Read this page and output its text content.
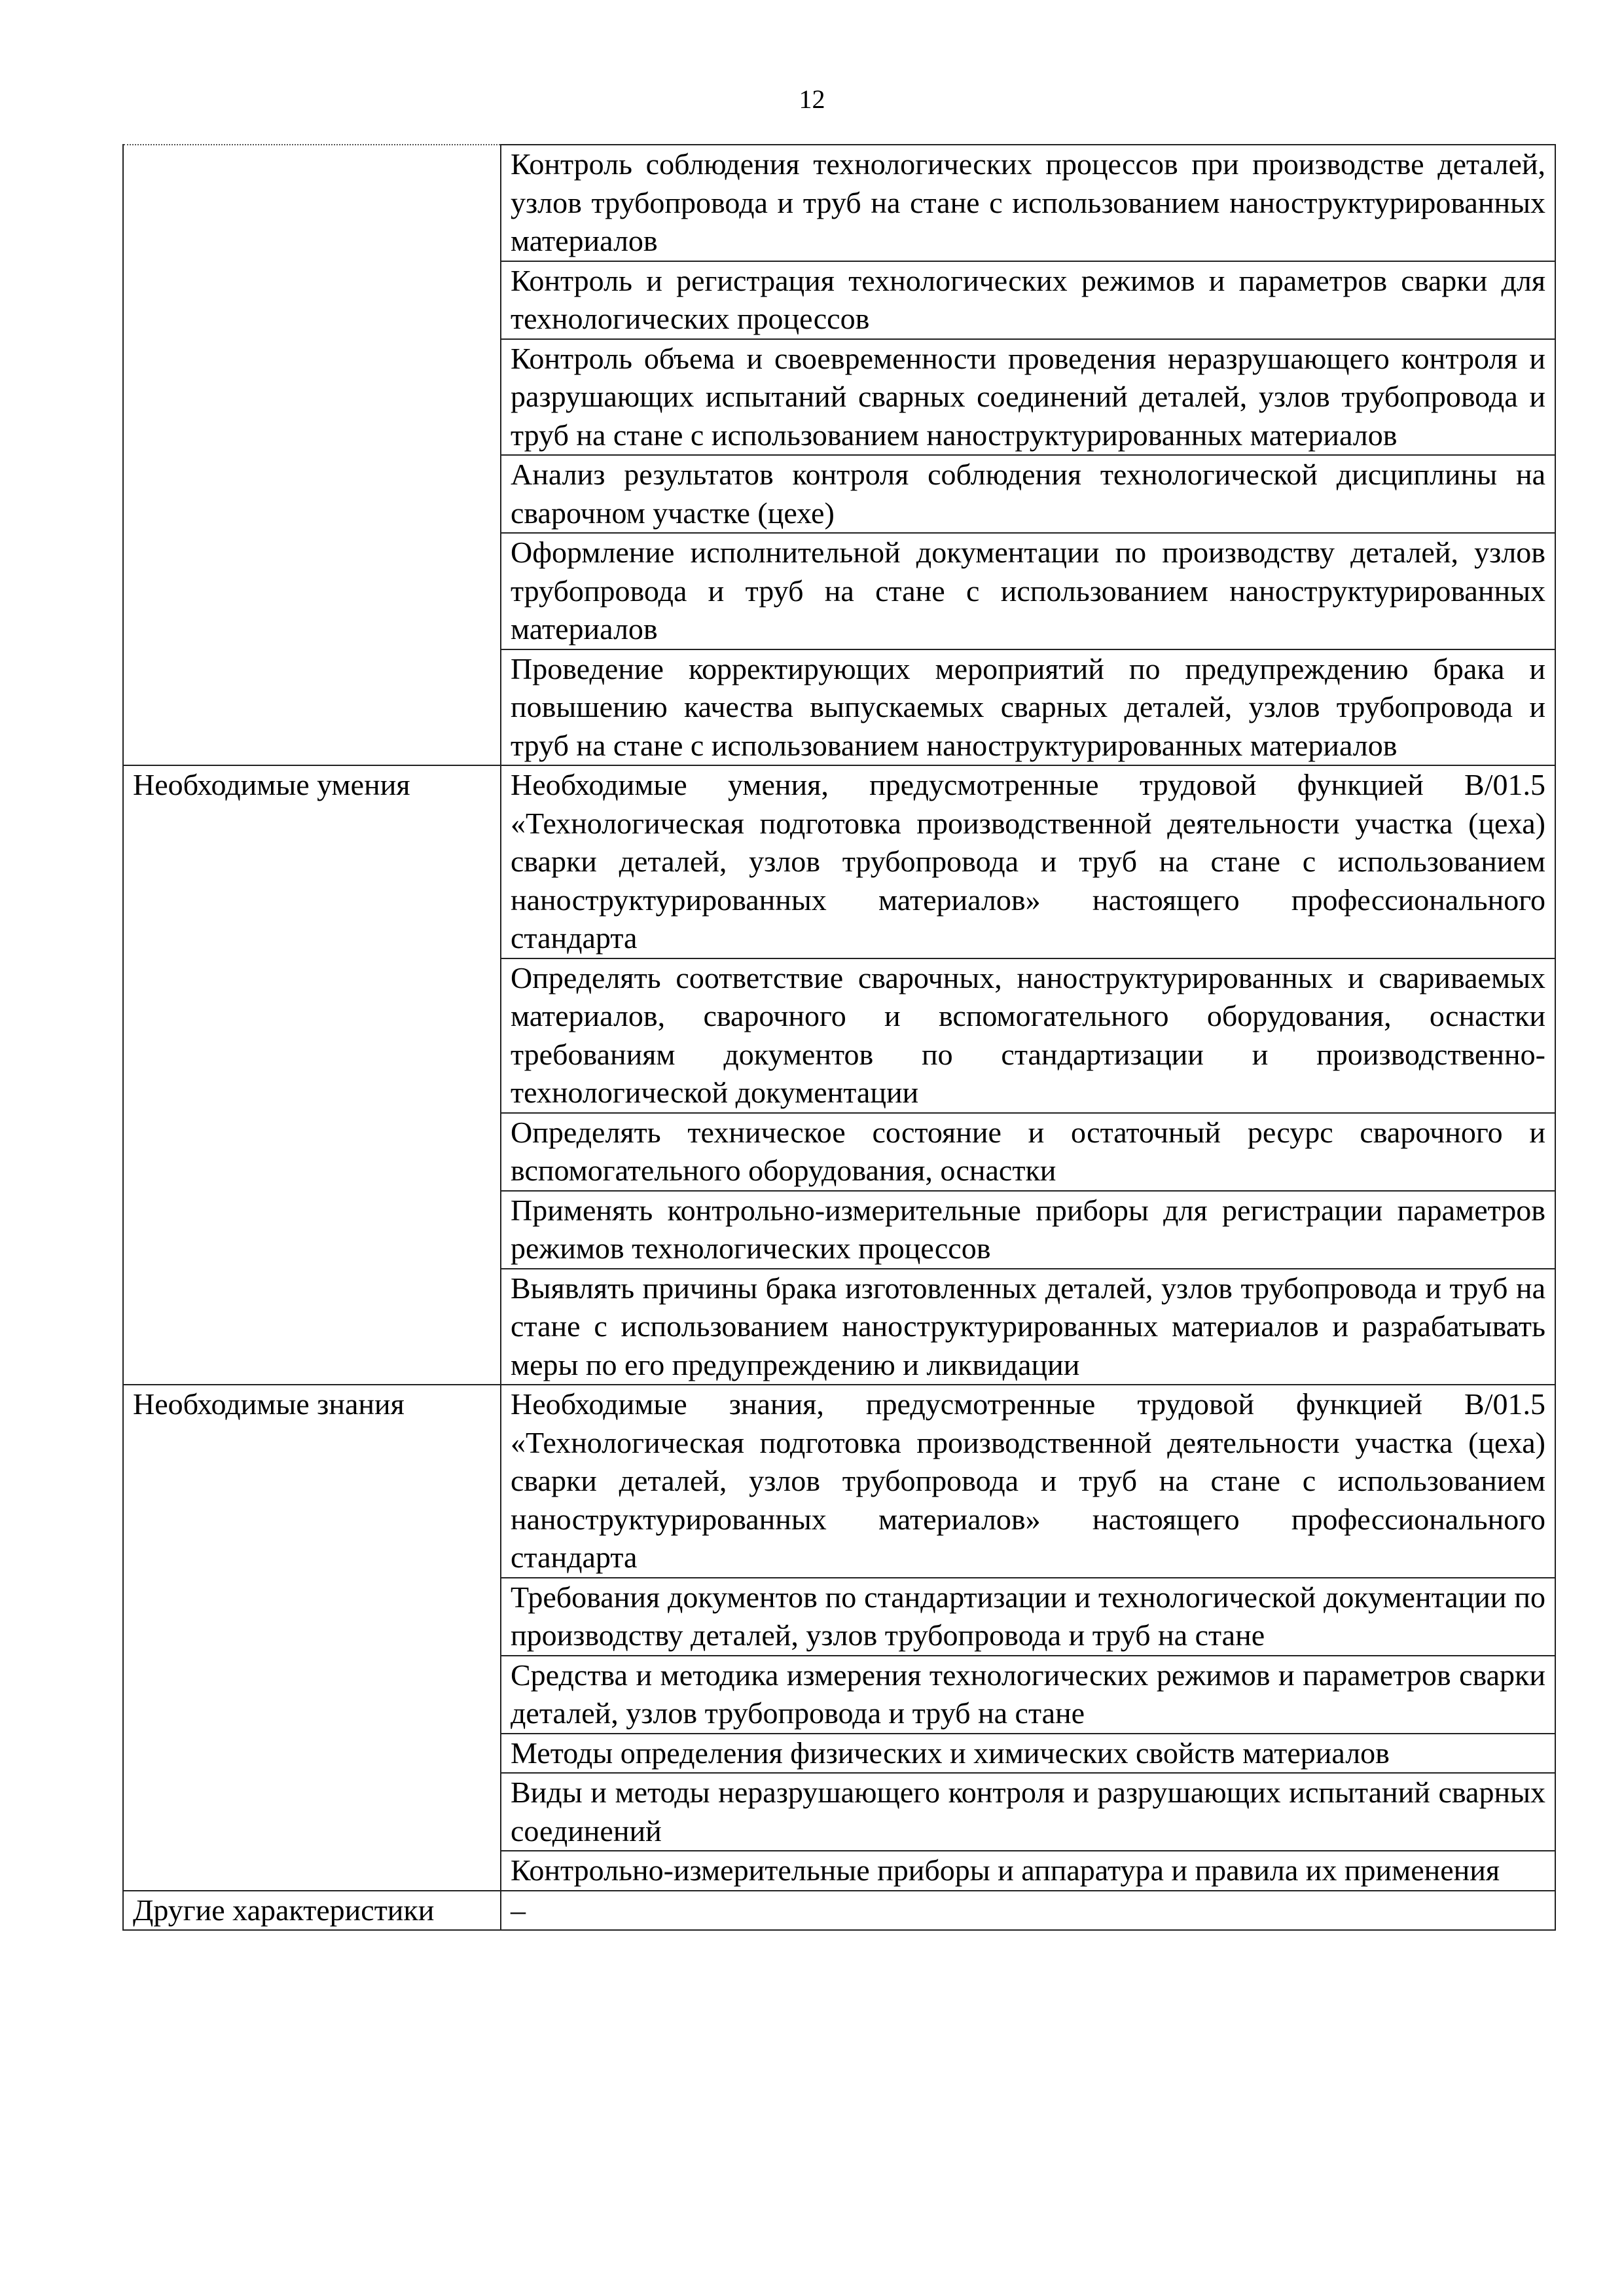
12
	Контроль соблюдения технологических процессов при производстве деталей, узлов трубопровода и труб на стане с использованием наноструктурированных материалов
	Контроль и регистрация технологических режимов и параметров сварки для технологических процессов
	Контроль объема и своевременности проведения неразрушающего контроля и разрушающих испытаний сварных соединений деталей, узлов трубопровода и труб на стане с использованием наноструктурированных материалов
	Анализ результатов контроля соблюдения технологической дисциплины на сварочном участке (цехе)
	Оформление исполнительной документации по производству деталей, узлов трубопровода и труб на стане с использованием наноструктурированных материалов
	Проведение корректирующих мероприятий по предупреждению брака и повышению качества выпускаемых сварных деталей, узлов трубопровода и труб на стане с использованием наноструктурированных материалов
Необходимые умения	Необходимые умения, предусмотренные трудовой функцией B/01.5 «Технологическая подготовка производственной деятельности участка (цеха) сварки деталей, узлов трубопровода и труб на стане с использованием наноструктурированных материалов» настоящего профессионального стандарта
	Определять соответствие сварочных, наноструктурированных и свариваемых материалов, сварочного и вспомогательного оборудования, оснастки требованиям документов по стандартизации и производственно-технологической документации
	Определять техническое состояние и остаточный ресурс сварочного и вспомогательного оборудования, оснастки
	Применять контрольно-измерительные приборы для регистрации параметров режимов технологических процессов
	Выявлять причины брака изготовленных деталей, узлов трубопровода и труб на стане с использованием наноструктурированных материалов и разрабатывать меры по его предупреждению и ликвидации
Необходимые знания	Необходимые знания, предусмотренные трудовой функцией B/01.5 «Технологическая подготовка производственной деятельности участка (цеха) сварки деталей, узлов трубопровода и труб на стане с использованием наноструктурированных материалов» настоящего профессионального стандарта
	Требования документов по стандартизации и технологической документации по производству деталей, узлов трубопровода и труб на стане
	Средства и методика измерения технологических режимов и параметров сварки деталей, узлов трубопровода и труб на стане
	Методы определения физических и химических свойств материалов
	Виды и методы неразрушающего контроля и разрушающих испытаний сварных соединений
	Контрольно-измерительные приборы и аппаратура и правила их применения
Другие характеристики	–
